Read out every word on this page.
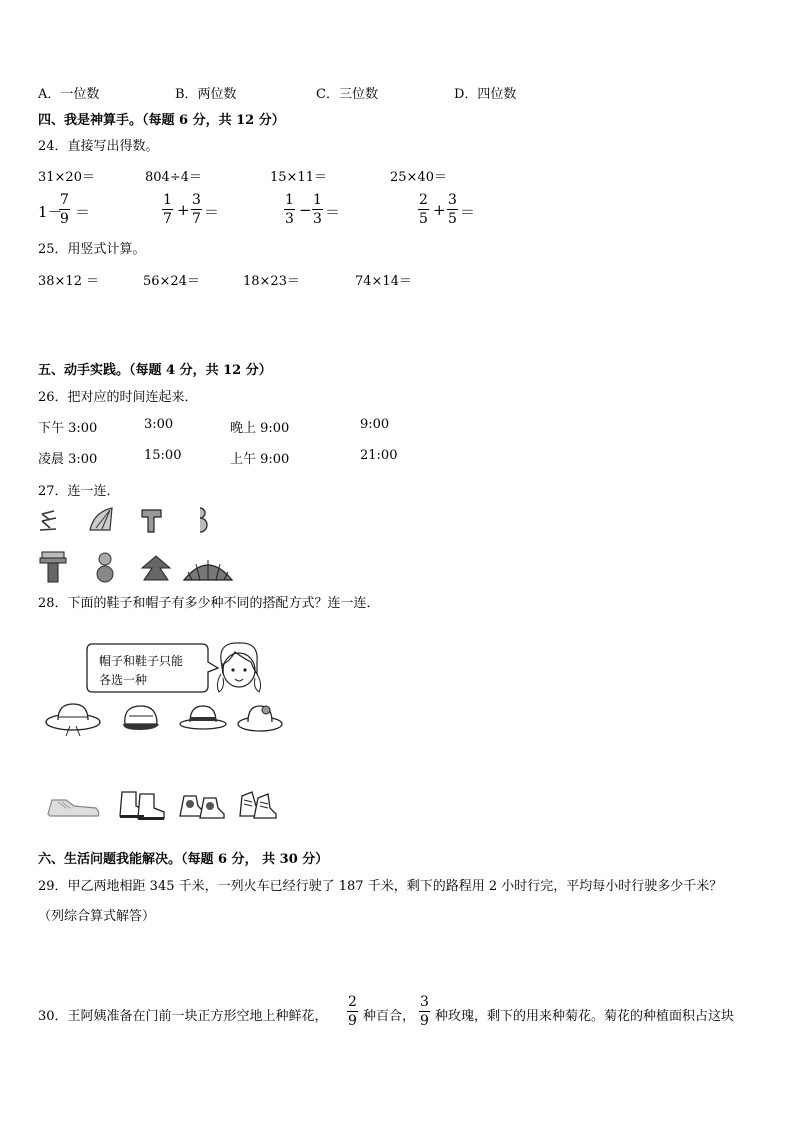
A．一位数	B．两位数	C．三位数	D．四位数
四、我是神算手。（每题 6 分，共 12 分）
24．直接写出得数。
31×20＝	804÷4＝	15×11＝	25×40＝
1－
7
9 ＝
1
7 +
3
7 ＝
1
3 −
1
3 ＝
2
5 +
3
5 ＝
25．用竖式计算。
38×12 ＝	56×24＝	18×23＝	74×14＝
五、动手实践。（每题 4 分，共 12 分）
26．把对应的时间连起来．
下午 3:00	3:00	晚上 9:00	9:00
凌晨 3:00	15:00	上午 9:00	21:00
27．连一连．
28．下面的鞋子和帽子有多少种不同的搭配方式？连一连．
帽子和鞋子只能
各选一种
六、生活问题我能解决。（每题 6 分， 共 30 分）
29．甲乙两地相距 345 千米，一列火车已经行驶了 187 千米，剩下的路程用 2 小时行完，平均每小时行驶多少千米？
（列综合算式解答）
30．王阿姨准备在门前一块正方形空地上种鲜花，
2
9 种百合，
3
9 种玫瑰，剩下的用来种菊花。菊花的种植面积占这块
